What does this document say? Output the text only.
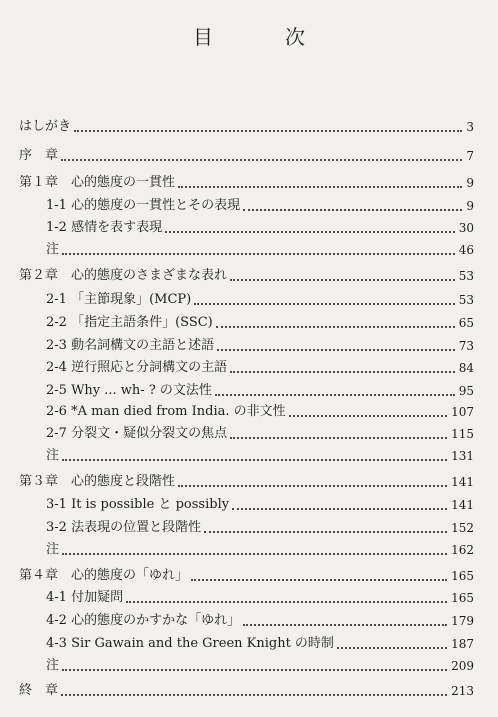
目　次
はしがき	3
序　章	7
第１章　心的態度の一貫性	9
1-1 心的態度の一貫性とその表現	9
1-2 感情を表す表現	30
注	46
第２章　心的態度のさまざまな表れ	53
2-1 「主節現象」(MCP)	53
2-2 「指定主語条件」(SSC)	65
2-3 動名詞構文の主語と述語	73
2-4 逆行照応と分詞構文の主語	84
2-5 Why ... wh- ? の文法性	95
2-6 *A man died from India. の非文性	107
2-7 分裂文・疑似分裂文の焦点	115
注	131
第３章　心的態度と段階性	141
3-1 It is possible と possibly	141
3-2 法表現の位置と段階性	152
注	162
第４章　心的態度の「ゆれ」	165
4-1 付加疑問	165
4-2 心的態度のかすかな「ゆれ」	179
4-3 Sir Gawain and the Green Knight の時制	187
注	209
終　章	213
